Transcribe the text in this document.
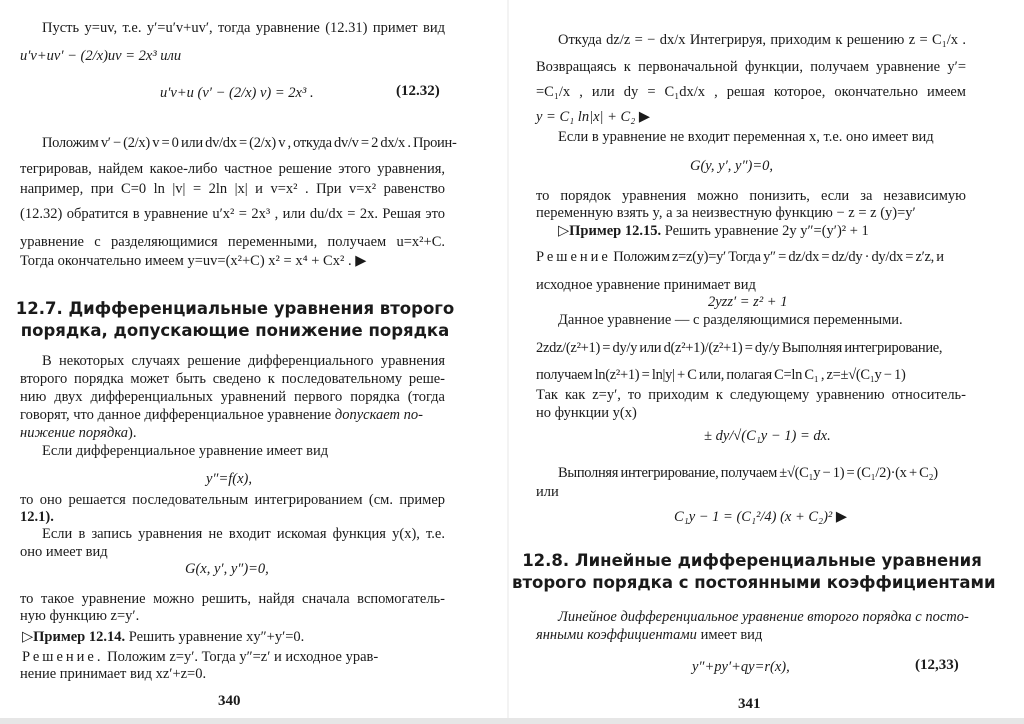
Пусть y=uv, т.е. y′=u′v+uv′, тогда уравнение (12.31) примет вид
u′v+uv′ − (2/x)uv = 2x³ или
u′v+u (v′ − (2/x) v) = 2x³ .	(12.32)
Положим v′ − (2/x) v = 0 или dv/dx = (2/x) v , откуда dv/v = 2 dx/x . Проин-
тегрировав, найдем какое-либо частное решение этого уравнения,
например, при C=0 ln |v| = 2ln |x| и v=x² . При v=x² равенство
(12.32) обратится в уравнение u′x² = 2x³ , или du/dx = 2x. Решая это
уравнение с разделяющимися переменными, получаем u=x²+C.
Тогда окончательно имеем y=uv=(x²+C) x² = x⁴ + Cx² . ▶
12.7. Дифференциальные уравнения второго
порядка, допускающие понижение порядка
В некоторых случаях решение дифференциального уравнения
второго порядка может быть сведено к последовательному реше-
нию двух дифференциальных уравнений первого порядка (тогда
говорят, что данное дифференциальное уравнение допускает по-
нижение порядка).
Если дифференциальное уравнение имеет вид
y″=f(x),
то оно решается последовательным интегрированием (см. пример
12.1).
Если в запись уравнения не входит искомая функция y(x), т.е.
оно имеет вид
G(x, y′, y″)=0,
то такое уравнение можно решить, найдя сначала вспомогатель-
ную функцию z=y′.
▷Пример 12.14. Решить уравнение xy″+y′=0.
Решение. Положим z=y′. Тогда y″=z′ и исходное урав-
нение принимает вид xz′+z=0.
340
Откуда dz/z = − dx/x Интегрируя, приходим к решению z = C₁/x .
Возвращаясь к первоначальной функции, получаем уравнение y′=
=C₁/x , или dy = C₁dx/x , решая которое, окончательно имеем
y = C₁ ln|x| + C₂ ▶
Если в уравнение не входит переменная x, т.е. оно имеет вид
G(y, y′, y″)=0,
то порядок уравнения можно понизить, если за независимую
переменную взять y, а за неизвестную функцию − z = z (y)=y′
▷Пример 12.15. Решить уравнение 2y y″=(y′)² + 1
Решение Положим z=z(y)=y′ Тогда y″ = dz/dx = dz/dy · dy/dx = z′z, и
исходное уравнение принимает вид
2yzz′ = z² + 1
Данное уравнение — с разделяющимися переменными.
2zdz/(z²+1) = dy/y или d(z²+1)/(z²+1) = dy/y Выполняя интегрирование,
получаем ln(z²+1) = ln|y| + C или, полагая C=ln C₁ , z=±√(C₁y − 1)
Так как z=y′, то приходим к следующему уравнению относитель-
но функции y(x)
± dy/√(C₁y − 1) = dx.
Выполняя интегрирование, получаем ±√(C₁y − 1) = (C₁/2)·(x + C₂)
или
C₁y − 1 = (C₁²/4) (x + C₂)² ▶
12.8. Линейные дифференциальные уравнения
второго порядка с постоянными коэффициентами
Линейное дифференциальное уравнение второго порядка с посто-
янными коэффициентами имеет вид
y″+py′+qy=r(x),	(12,33)
341
